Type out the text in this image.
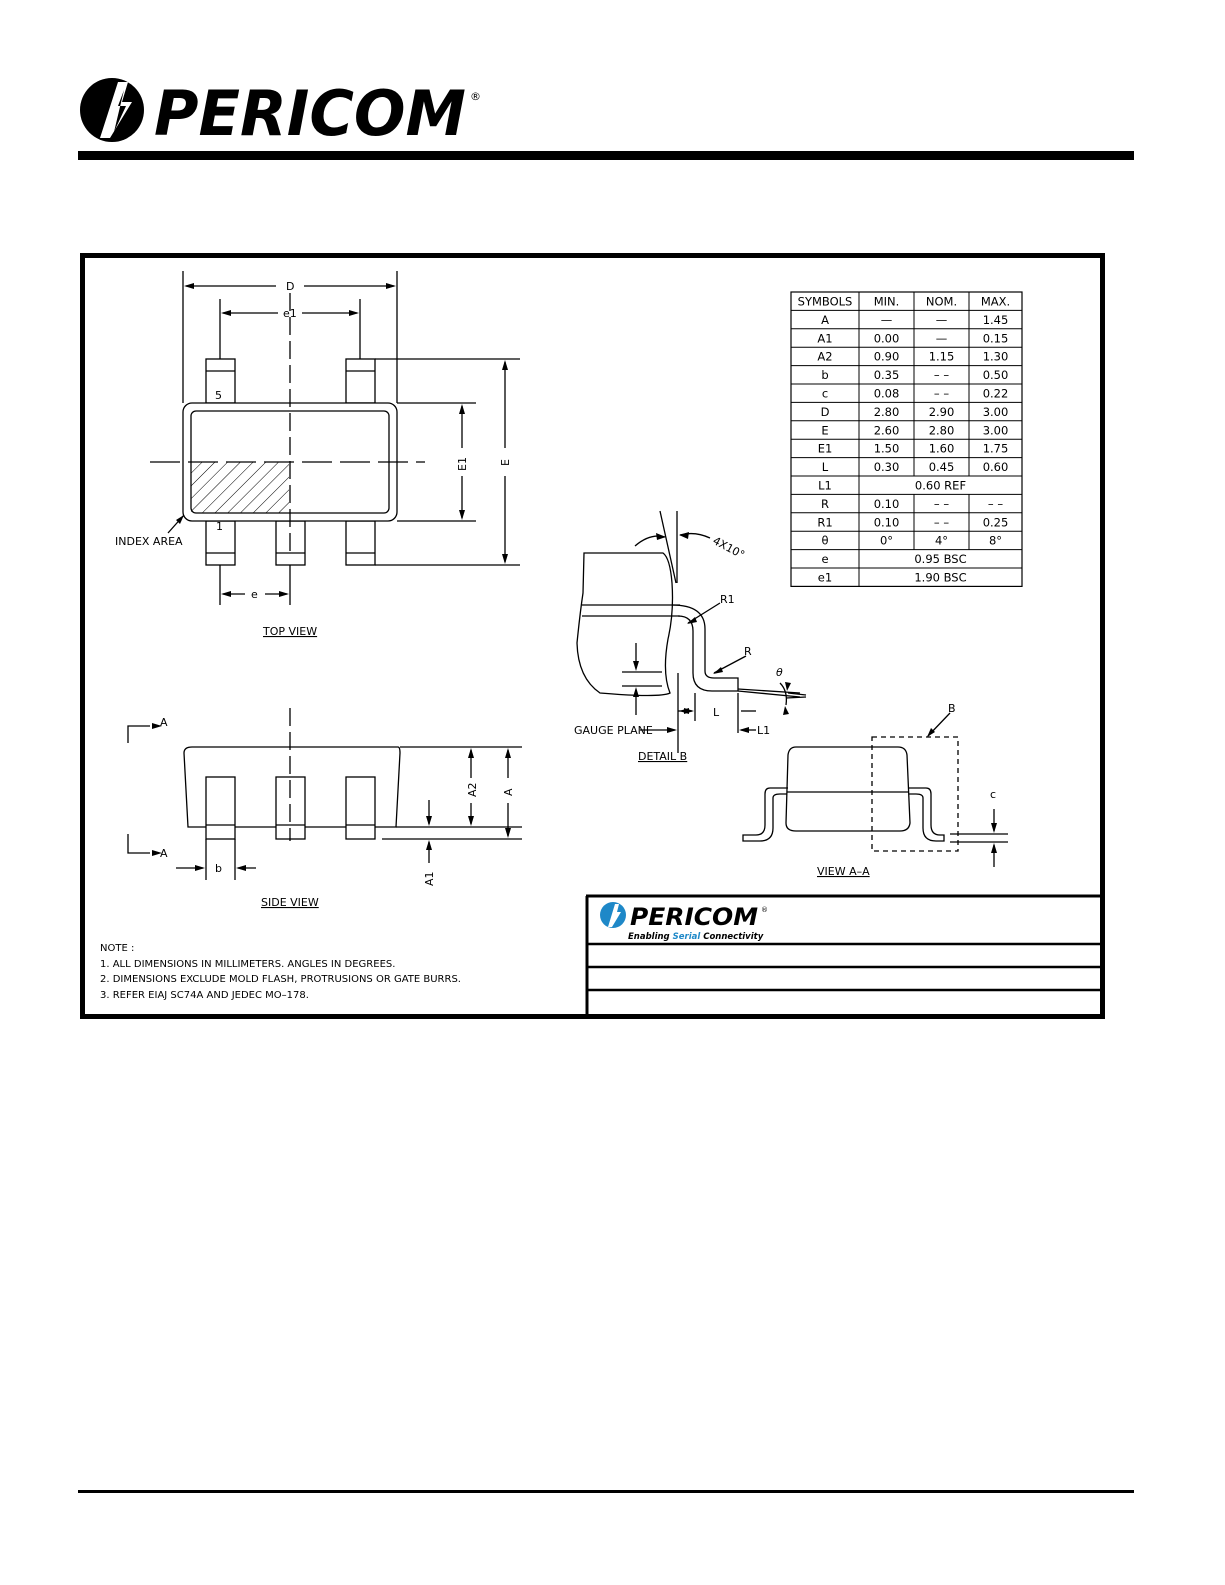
PERICOM ®
D
e1
E1	E
e
5
1
INDEX AREA
TOP VIEW
A
A
A2 A
A1
b
SIDE VIEW
4X10°
R1
R
θ
L
L1
GAUGE PLANE
DETAIL B
B
c
VIEW A–A
SYMBOLS MIN. NOM. MAX.
A	—	—	1.45
A1	0.00	—	0.15
A2	0.90	1.15 1.30
b	0.35	– –	0.50
c	0.08	– –	0.22
D	2.80	2.90 3.00
E	2.60	2.80 3.00
E1	1.50	1.60 1.75
L	0.30	0.45 0.60
L1	0.60 REF
R	0.10	– –	– –
R1	0.10	– –	0.25
θ	0°	4°	8°
e	0.95 BSC
e1	1.90 BSC
NOTE :
1. ALL DIMENSIONS IN MILLIMETERS. ANGLES IN DEGREES.
2. DIMENSIONS EXCLUDE MOLD FLASH, PROTRUSIONS OR GATE BURRS.
3. REFER EIAJ SC74A AND JEDEC MO–178.
PERICOM ®
Enabling Serial Connectivity
